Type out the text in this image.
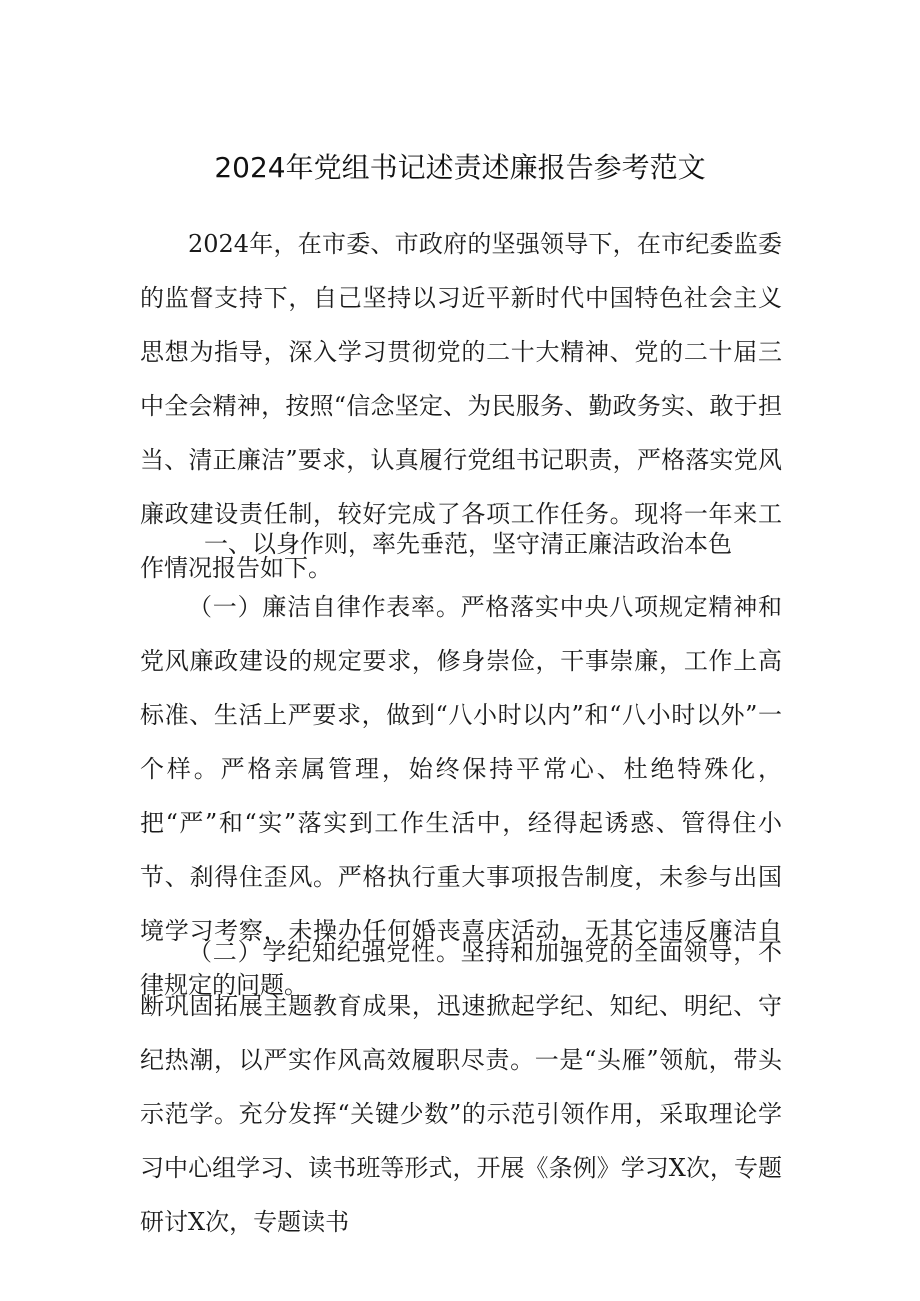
2024年党组书记述责述廉报告参考范文

2024年，在市委、市政府的坚强领导下，在市纪委监委的监督支持下，自己坚持以习近平新时代中国特色社会主义思想为指导，深入学习贯彻党的二十大精神、党的二十届三中全会精神，按照“信念坚定、为民服务、勤政务实、敢于担当、清正廉洁”要求，认真履行党组书记职责，严格落实党风廉政建设责任制，较好完成了各项工作任务。现将一年来工作情况报告如下。

一、以身作则，率先垂范，坚守清正廉洁政治本色

（一）廉洁自律作表率。严格落实中央八项规定精神和党风廉政建设的规定要求，修身崇俭，干事崇廉，工作上高标准、生活上严要求，做到“八小时以内”和“八小时以外”一个样。严格亲属管理，始终保持平常心、杜绝特殊化，把“严”和“实”落实到工作生活中，经得起诱惑、管得住小节、刹得住歪风。严格执行重大事项报告制度，未参与出国境学习考察，未操办任何婚丧喜庆活动，无其它违反廉洁自律规定的问题。

（二）学纪知纪强党性。坚持和加强党的全面领导，不断巩固拓展主题教育成果，迅速掀起学纪、知纪、明纪、守纪热潮，以严实作风高效履职尽责。一是“头雁”领航，带头示范学。充分发挥“关键少数”的示范引领作用，采取理论学习中心组学习、读书班等形式，开展《条例》学习X次，专题研讨X次，专题读书
